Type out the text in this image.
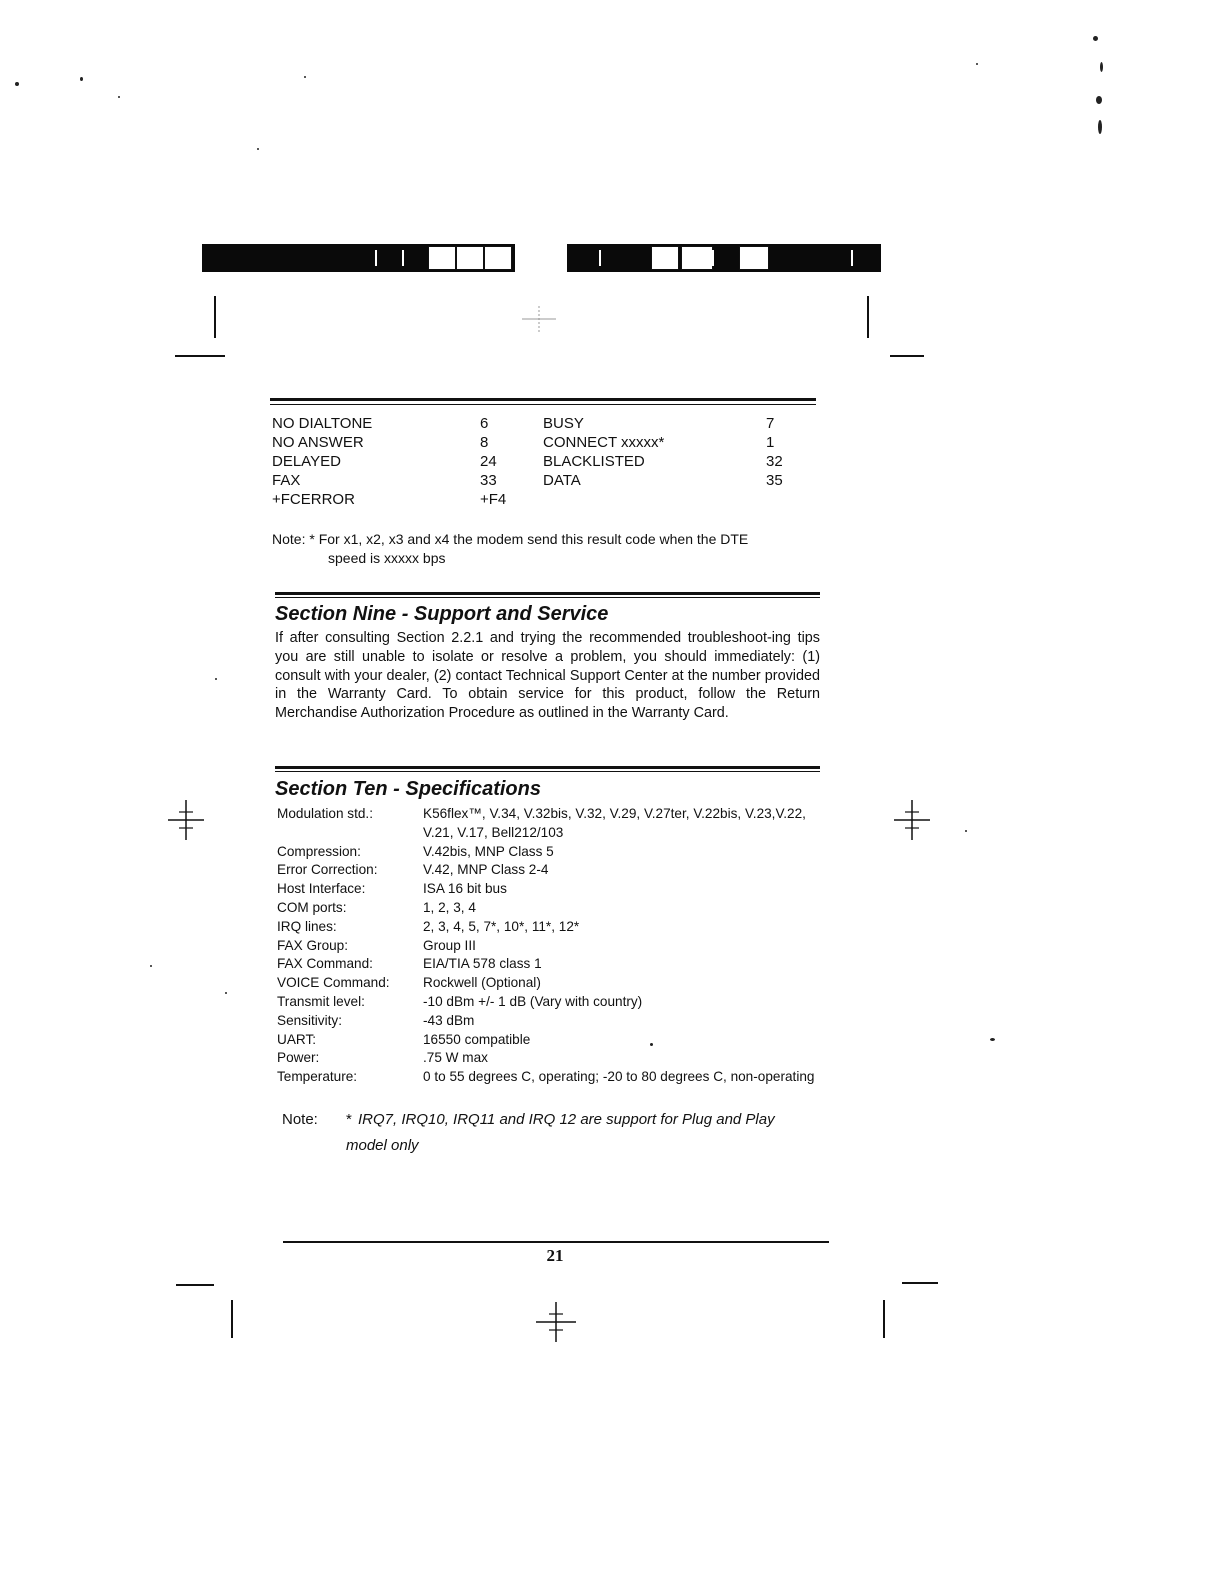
NO DIALTONE	6	BUSY	7
NO ANSWER	8	CONNECT xxxxx*	1
DELAYED	24	BLACKLISTED	32
FAX	33	DATA	35
+FCERROR	+F4
Note: * For x1, x2, x3 and x4 the modem send this result code when the DTE
speed is xxxxx bps
Section Nine - Support and Service
If after consulting Section 2.2.1 and trying the recommended troubleshoot-ing tips you are still unable to isolate or resolve a problem, you should immediately: (1) consult with your dealer, (2) contact Technical Support Center at the number provided in the Warranty Card. To obtain service for this product, follow the Return Merchandise Authorization Procedure as outlined in the Warranty Card.
Section Ten - Specifications
Modulation std.:	K56flex™, V.34, V.32bis, V.32, V.29, V.27ter, V.22bis, V.23,V.22, V.21, V.17, Bell212/103
Compression:	V.42bis, MNP Class 5
Error Correction:	V.42, MNP Class 2-4
Host Interface:	ISA 16 bit bus
COM ports:	1, 2, 3, 4
IRQ lines:	2, 3, 4, 5, 7*, 10*, 11*, 12*
FAX Group:	Group III
FAX Command:	EIA/TIA 578 class 1
VOICE Command:	Rockwell (Optional)
Transmit level:	-10 dBm +/- 1 dB (Vary with country)
Sensitivity:	-43 dBm
UART:	16550 compatible
Power:	.75 W max
Temperature:	0 to 55 degrees C, operating; -20 to 80 degrees C, non-operating
Note: * IRQ7, IRQ10, IRQ11 and IRQ 12 are support for Plug and Play
model only
21
